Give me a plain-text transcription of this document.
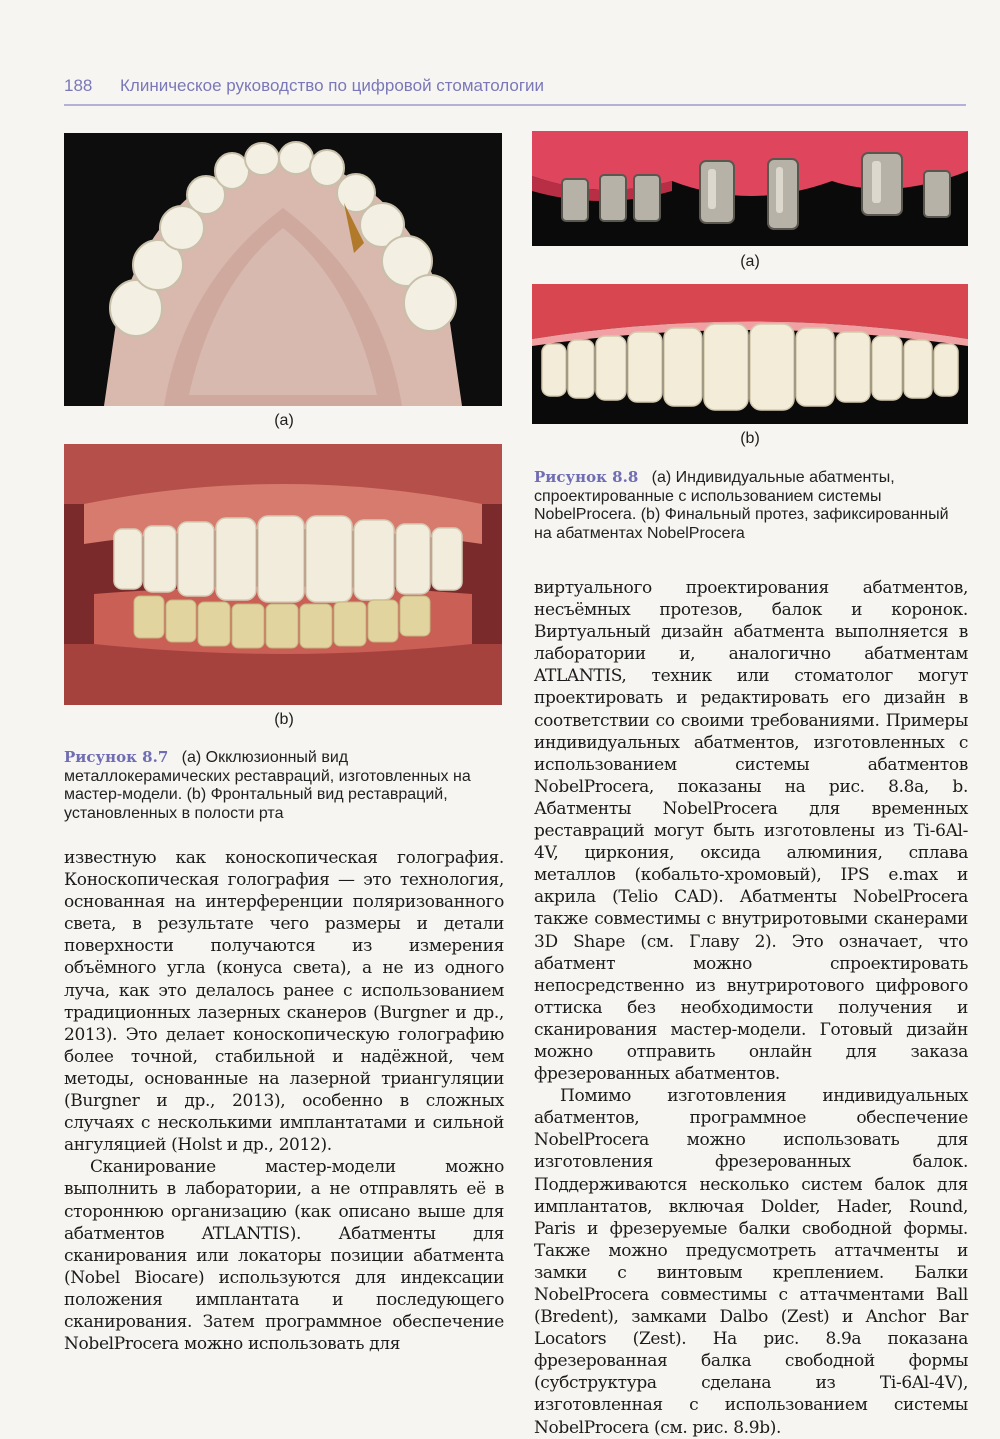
188 Клиническое руководство по цифровой стоматологии
(a)
(b)
Рисунок 8.7 (a) Окклюзионный вид металлокерамических реставраций, изготовленных на мастер-модели. (b) Фронтальный вид реставраций, установленных в полости рта
(a)
(b)
Рисунок 8.8 (a) Индивидуальные абатменты, спроектированные с использованием системы NobelProcera. (b) Финальный протез, зафиксированный на абатментах NobelProcera

известную как коноскопическая голография. Коноскопическая голография — это технология, основанная на интерференции поляризованного света, в результате чего размеры и детали поверхности получаются из измерения объёмного угла (конуса света), а не из одного луча, как это делалось ранее с использованием традиционных лазерных сканеров (Burgner и др., 2013). Это делает коноскопическую голографию более точной, стабильной и надёжной, чем методы, основанные на лазерной триангуляции (Burgner и др., 2013), особенно в сложных случаях с несколькими имплантатами и сильной ангуляцией (Holst и др., 2012).

Сканирование мастер-модели можно выполнить в лаборатории, а не отправлять её в стороннюю организацию (как описано выше для абатментов ATLANTIS). Абатменты для сканирования или локаторы позиции абатмента (Nobel Biocare) используются для индексации положения имплантата и последующего сканирования. Затем программное обеспечение NobelProcera можно использовать для

виртуального проектирования абатментов, несъёмных протезов, балок и коронок. Виртуальный дизайн абатмента выполняется в лаборатории и, аналогично абатментам ATLANTIS, техник или стоматолог могут проектировать и редактировать его дизайн в соответствии со своими требованиями. Примеры индивидуальных абатментов, изготовленных с использованием системы абатментов NobelProcera, показаны на рис. 8.8a, b. Абатменты NobelProcera для временных реставраций могут быть изготовлены из Ti-6Al-4V, циркония, оксида алюминия, сплава металлов (кобальто-хромовый), IPS e.max и акрила (Telio CAD). Абатменты NobelProcera также совместимы с внутриротовыми сканерами 3D Shape (см. Главу 2). Это означает, что абатмент можно спроектировать непосредственно из внутриротового цифрового оттиска без необходимости получения и сканирования мастер-модели. Готовый дизайн можно отправить онлайн для заказа фрезерованных абатментов.

Помимо изготовления индивидуальных абатментов, программное обеспечение NobelProcera можно использовать для изготовления фрезерованных балок. Поддерживаются несколько систем балок для имплантатов, включая Dolder, Hader, Round, Paris и фрезеруемые балки свободной формы. Также можно предусмотреть аттачменты и замки с винтовым креплением. Балки NobelProcera совместимы с аттачментами Ball (Bredent), замками Dalbo (Zest) и Anchor Bar Locators (Zest). На рис. 8.9a показана фрезерованная балка свободной формы (субструктура сделана из Ti-6Al-4V), изготовленная с использованием системы NobelProcera (см. рис. 8.9b).
